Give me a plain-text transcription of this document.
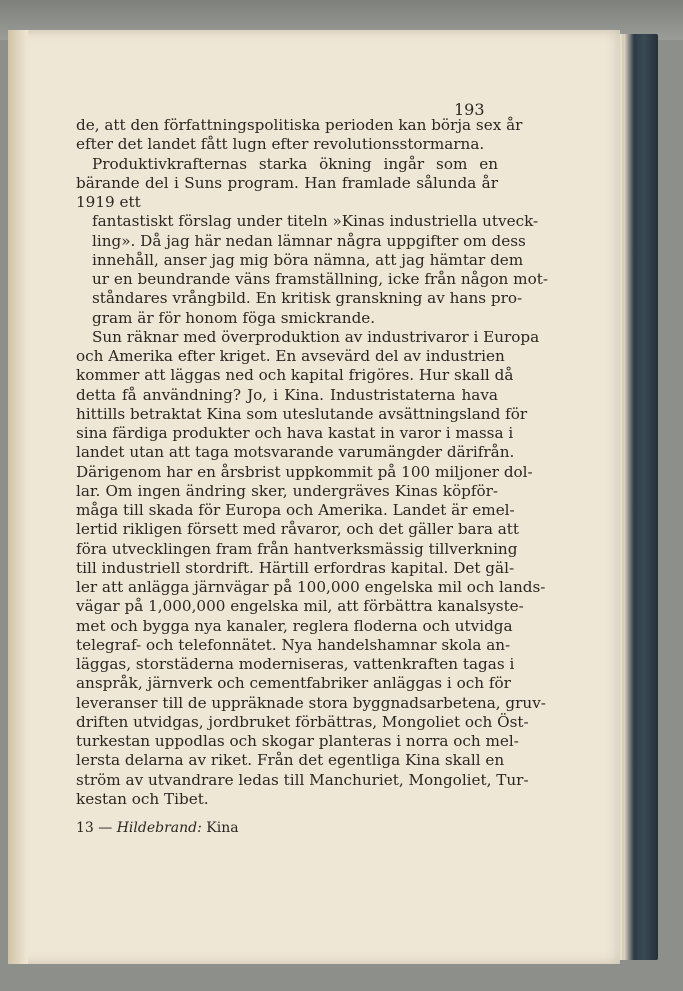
193

de, att den författningspolitiska perioden kan börja sex år
efter det landet fått lugn efter revolutionsstormarna.

Produktivkrafternas starka ökning ingår som en bärande del i Suns program. Han framlade sålunda år 1919 ett
fantastiskt förslag under titeln »Kinas industriella utveck-
ling». Då jag här nedan lämnar några uppgifter om dess
innehåll, anser jag mig böra nämna, att jag hämtar dem
ur en beundrande väns framställning, icke från någon mot-
ståndares vrångbild. En kritisk granskning av hans pro-
gram är för honom föga smickrande.

Sun räknar med överproduktion av industrivaror i Europa
och Amerika efter kriget. En avsevärd del av industrien
kommer att läggas ned och kapital frigöres. Hur skall då
detta få användning? Jo, i Kina. Industristaterna hava
hittills betraktat Kina som uteslutande avsättningsland för
sina färdiga produkter och hava kastat in varor i massa i
landet utan att taga motsvarande varumängder därifrån.
Därigenom har en årsbrist uppkommit på 100 miljoner dol-
lar. Om ingen ändring sker, undergräves Kinas köpför-
måga till skada för Europa och Amerika. Landet är emel-
lertid rikligen försett med råvaror, och det gäller bara att
föra utvecklingen fram från hantverksmässig tillverkning
till industriell stordrift. Härtill erfordras kapital. Det gäl-
ler att anlägga järnvägar på 100,000 engelska mil och lands-
vägar på 1,000,000 engelska mil, att förbättra kanalsyste-
met och bygga nya kanaler, reglera floderna och utvidga
telegraf- och telefonnätet. Nya handelshamnar skola an-
läggas, storstäderna moderniseras, vattenkraften tagas i
anspråk, järnverk och cementfabriker anläggas i och för
leveranser till de uppräknade stora byggnadsarbetena, gruv-
driften utvidgas, jordbruket förbättras, Mongoliet och Öst-
turkestan uppodlas och skogar planteras i norra och mel-
lersta delarna av riket. Från det egentliga Kina skall en
ström av utvandrare ledas till Manchuriet, Mongoliet, Tur-
kestan och Tibet.

13 — Hildebrand: Kina
